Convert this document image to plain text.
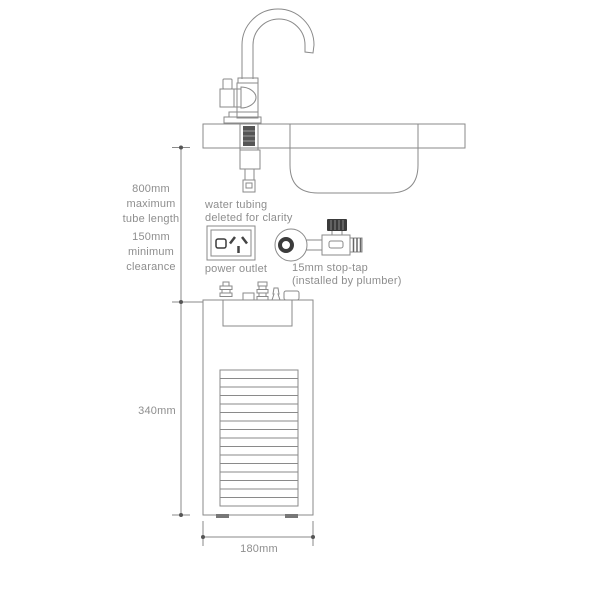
800mm
maximum
tube length
150mm
minimum
clearance
340mm
water tubing
deleted for clarity
power outlet 15mm stop-tap
(installed by plumber)
180mm
